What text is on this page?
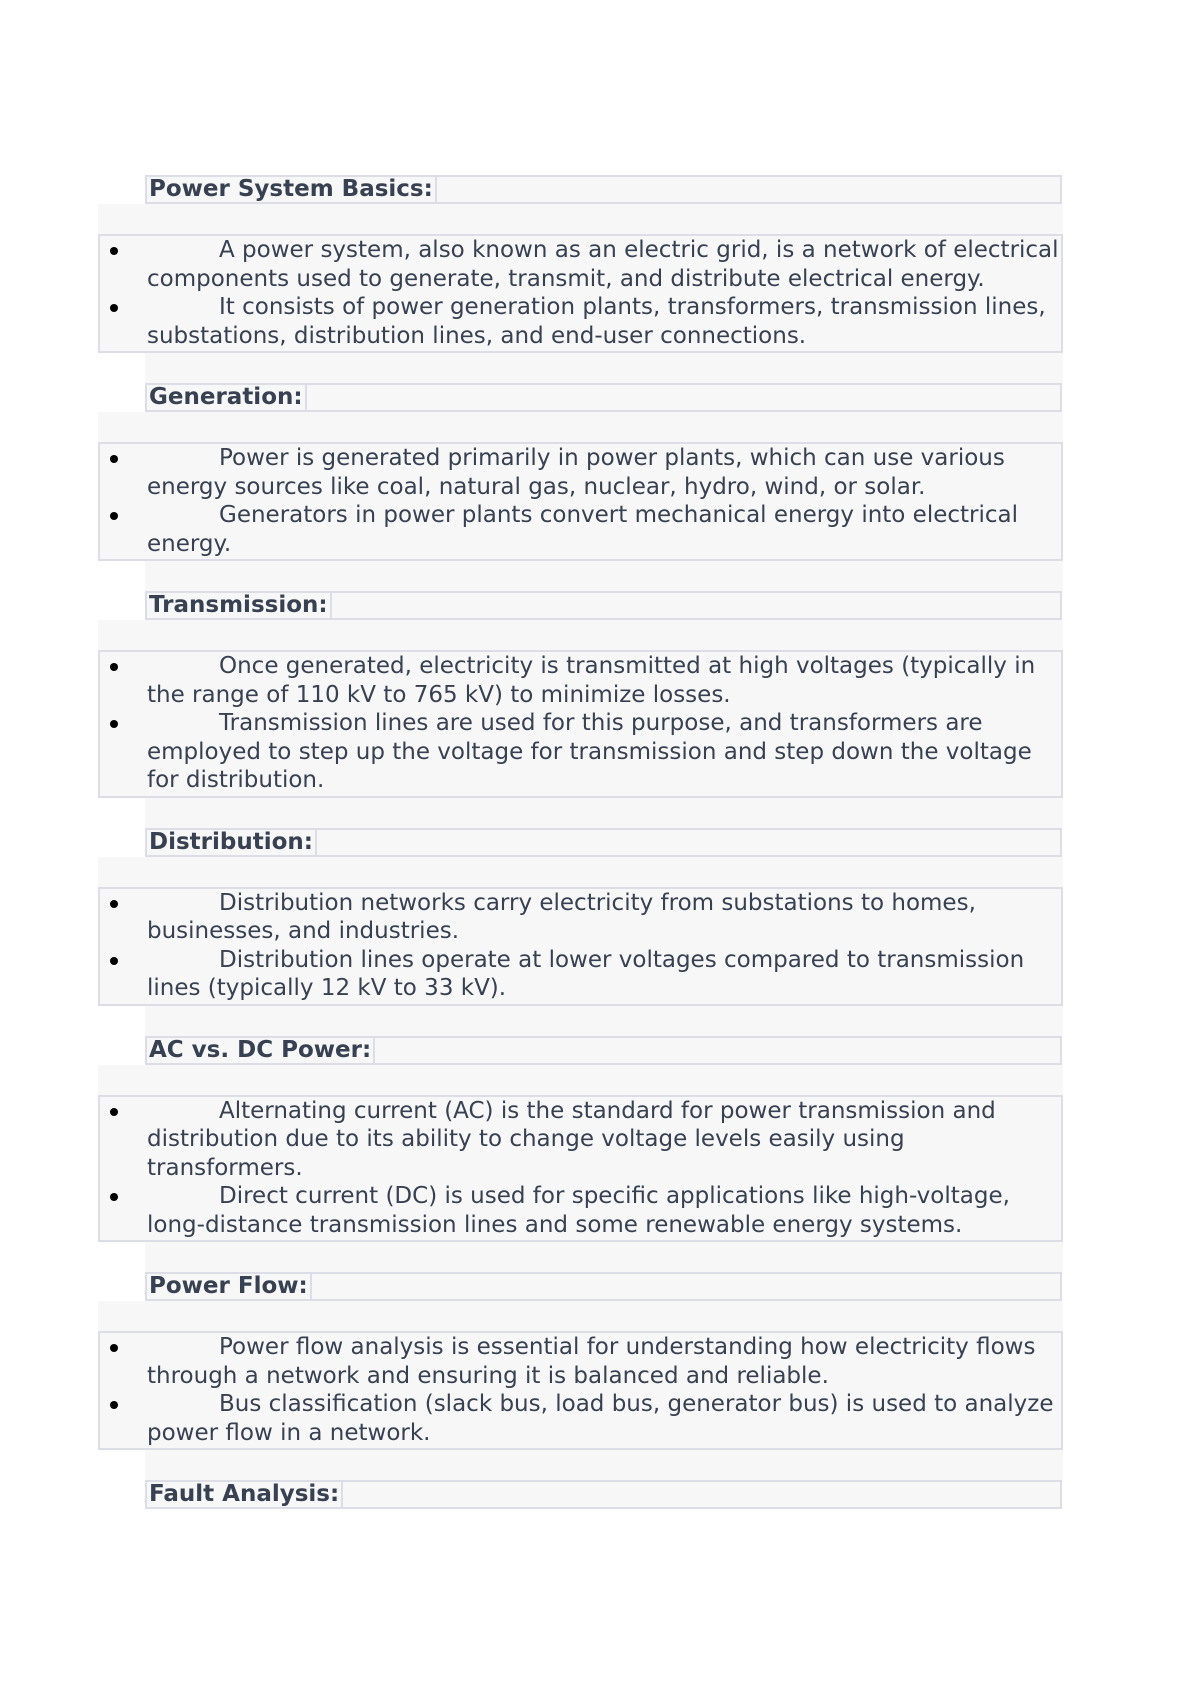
Power System Basics:
A power system, also known as an electric grid, is a network of electrical components used to generate, transmit, and distribute electrical energy.
It consists of power generation plants, transformers, transmission lines, substations, distribution lines, and end-user connections.
Generation:
Power is generated primarily in power plants, which can use various energy sources like coal, natural gas, nuclear, hydro, wind, or solar.
Generators in power plants convert mechanical energy into electrical energy.
Transmission:
Once generated, electricity is transmitted at high voltages (typically in the range of 110 kV to 765 kV) to minimize losses.
Transmission lines are used for this purpose, and transformers are employed to step up the voltage for transmission and step down the voltage for distribution.
Distribution:
Distribution networks carry electricity from substations to homes, businesses, and industries.
Distribution lines operate at lower voltages compared to transmission lines (typically 12 kV to 33 kV).
AC vs. DC Power:
Alternating current (AC) is the standard for power transmission and distribution due to its ability to change voltage levels easily using transformers.
Direct current (DC) is used for specific applications like high-voltage, long-distance transmission lines and some renewable energy systems.
Power Flow:
Power flow analysis is essential for understanding how electricity flows through a network and ensuring it is balanced and reliable.
Bus classification (slack bus, load bus, generator bus) is used to analyze power flow in a network.
Fault Analysis:
